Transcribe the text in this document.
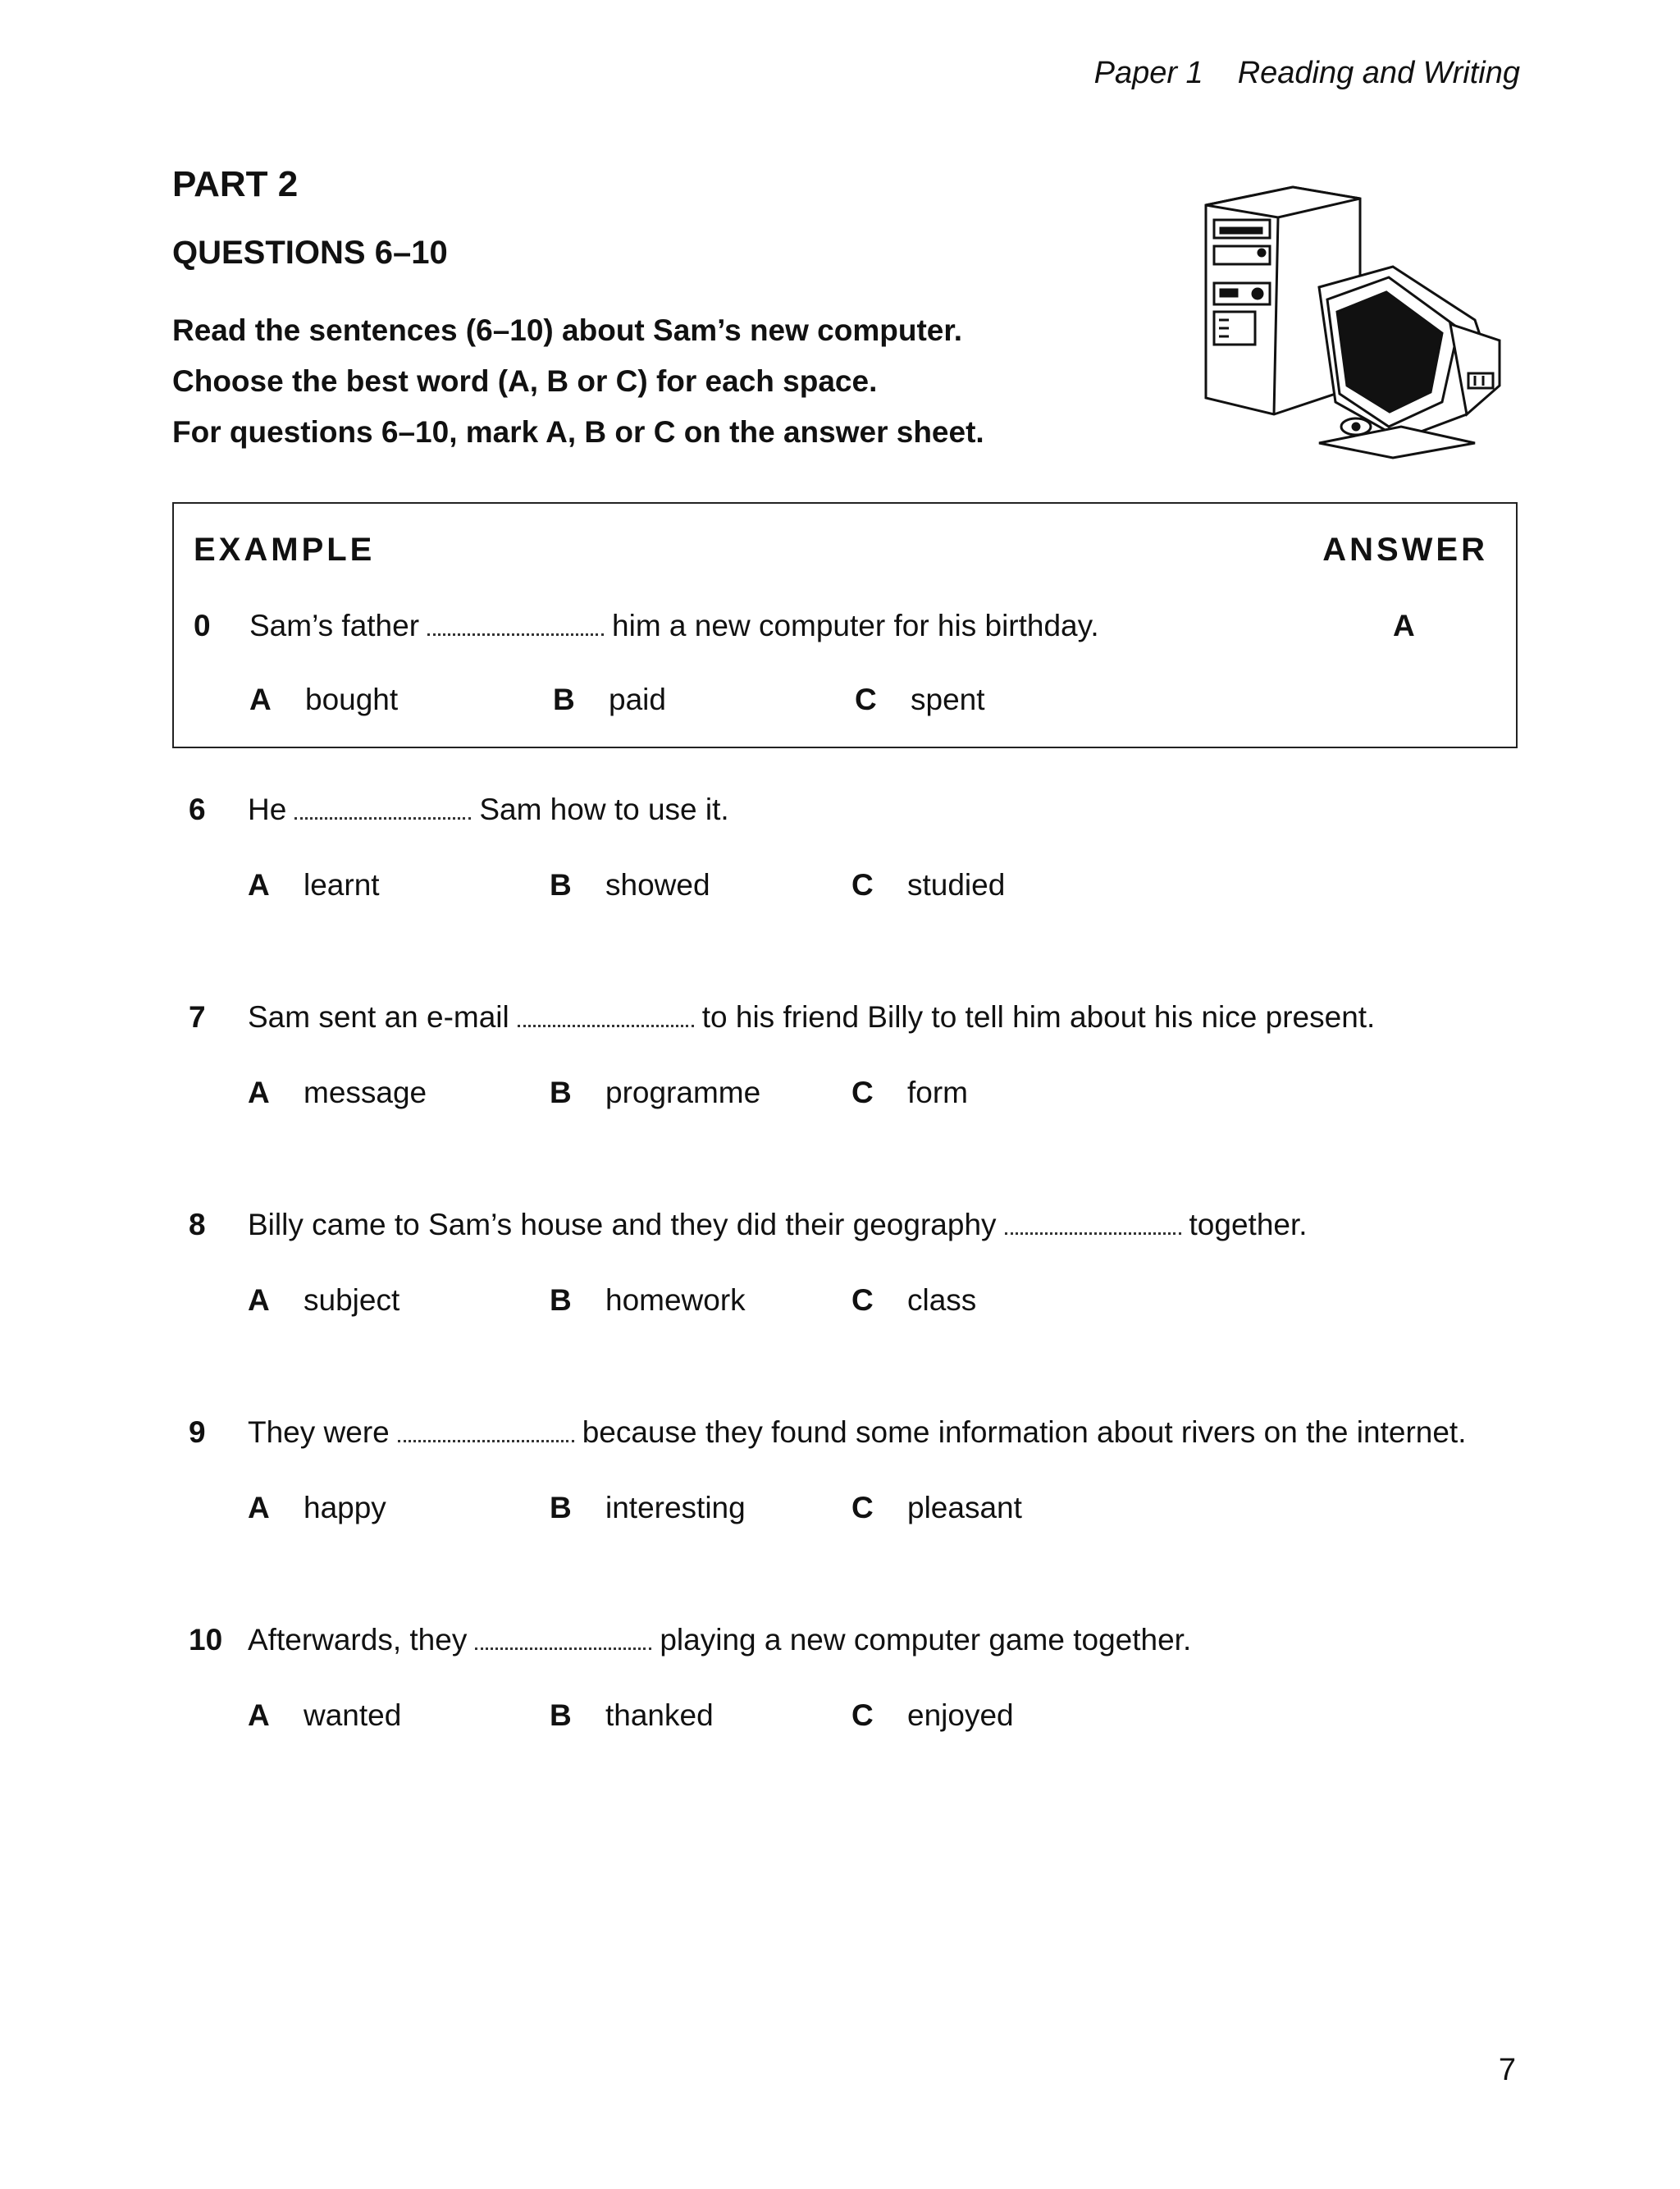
Paper 1 Reading and Writing
PART 2
QUESTIONS 6–10
Read the sentences (6–10) about Sam’s new computer.
Choose the best word (A, B or C) for each space.
For questions 6–10, mark A, B or C on the answer sheet.
EXAMPLE	ANSWER
0 Sam’s father	him a new computer for his birthday.	A
A bought	B paid	C spent
6 He	Sam how to use it.
A learnt	B showed	C studied
7 Sam sent an e-mail	to his friend Billy to tell him about his nice present.
A message	B programme	C form
8 Billy came to Sam’s house and they did their geography	together.
A subject	B homework	C class
9 They were	because they found some information about rivers on the internet.
A happy	B interesting	C pleasant
10 Afterwards, they	playing a new computer game together.
A wanted	B thanked	C enjoyed
7
